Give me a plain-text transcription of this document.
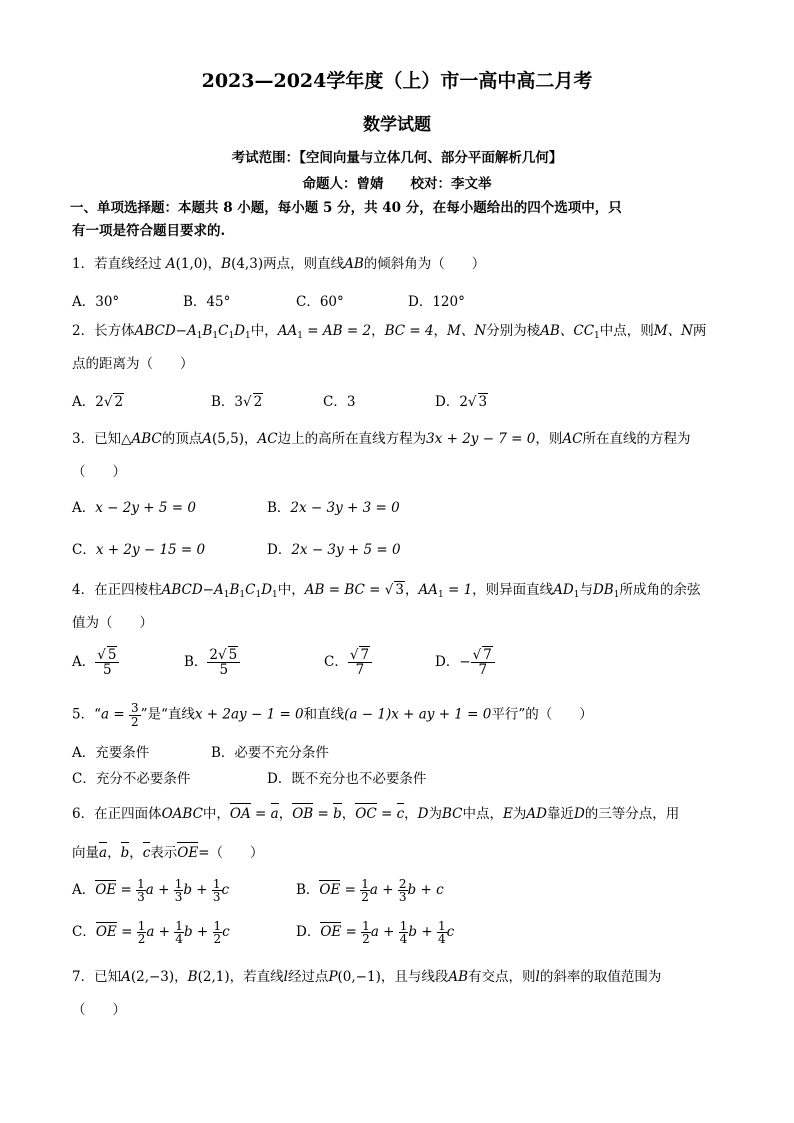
2023—2024学年度（上）市一高中高二月考
数学试题
考试范围：【空间向量与立体几何、部分平面解析几何】
命题人：曾婧　　校对：李文举
一、单项选择题：本题共 8 小题，每小题 5 分，共 40 分，在每小题给出的四个选项中，只
有一项是符合题目要求的.
1．若直线经过 A(1,0)，B(4,3)两点，则直线AB的倾斜角为（　　）
A．30°	B．45°	C．60°	D．120°
2．长方体$ABCD-A_1B_1C_1D_1$中，$AA_1$ = AB = 2，BC = 4，M、N分别为棱AB、$CC_1$中点，则M、N两
点的距离为（　　）
A．2√ 2	B．3√ 2	C．3	D．2√ 3
3．已知△ABC的顶点A(5,5)，AC边上的高所在直线方程为3x + 2y − 7 = 0，则AC所在直线的方程为
（　　）
A．x − 2y + 5 = 0	B．2x − 3y + 3 = 0
C．x + 2y − 15 = 0	D．2x − 3y + 5 = 0
4．在正四棱柱$ABCD-A_1B_1C_1D_1$中，AB = BC = √ 3，$AA_1 = 1$，则异面直线$AD_1$与$DB_1$所成角的余弦
值为（　　）
A． $\frac{√ 5}{5}$	B． $\frac{2√ 5}{5}$	C． $\frac{√ 7}{7}$	D．− $\frac{√ 7}{7}$
5．“$a = \frac{3}{2}$ ”是“直线x + 2ay − 1 = 0和直线(a − 1)x + ay + 1 = 0平行”的（　　）
A．充要条件	B．必要不充分条件
C．充分不必要条件	D．既不充分也不必要条件
6．在正四面体OABC中，OA = a，OB = b，OC = c，D为BC中点，E为AD靠近D的三等分点，用
向量a，b，c表示OE=（　　）
A．OE = $\frac{1}{3}$ $a + \frac{1}{3}$ $b + \frac{1}{3}$ c	B．OE = $\frac{1}{2}$ $a + \frac{2}{3}$ b + c
C．OE = $\frac{1}{2}$ $a + \frac{1}{4}$ $b + \frac{1}{2}$ c	D．OE = $\frac{1}{2}$ $a + \frac{1}{4}$ $b + \frac{1}{4}$ c
7．已知A(2,−3)，B(2,1)，若直线l经过点P(0,−1)，且与线段AB有交点，则l的斜率的取值范围为
（　　）
